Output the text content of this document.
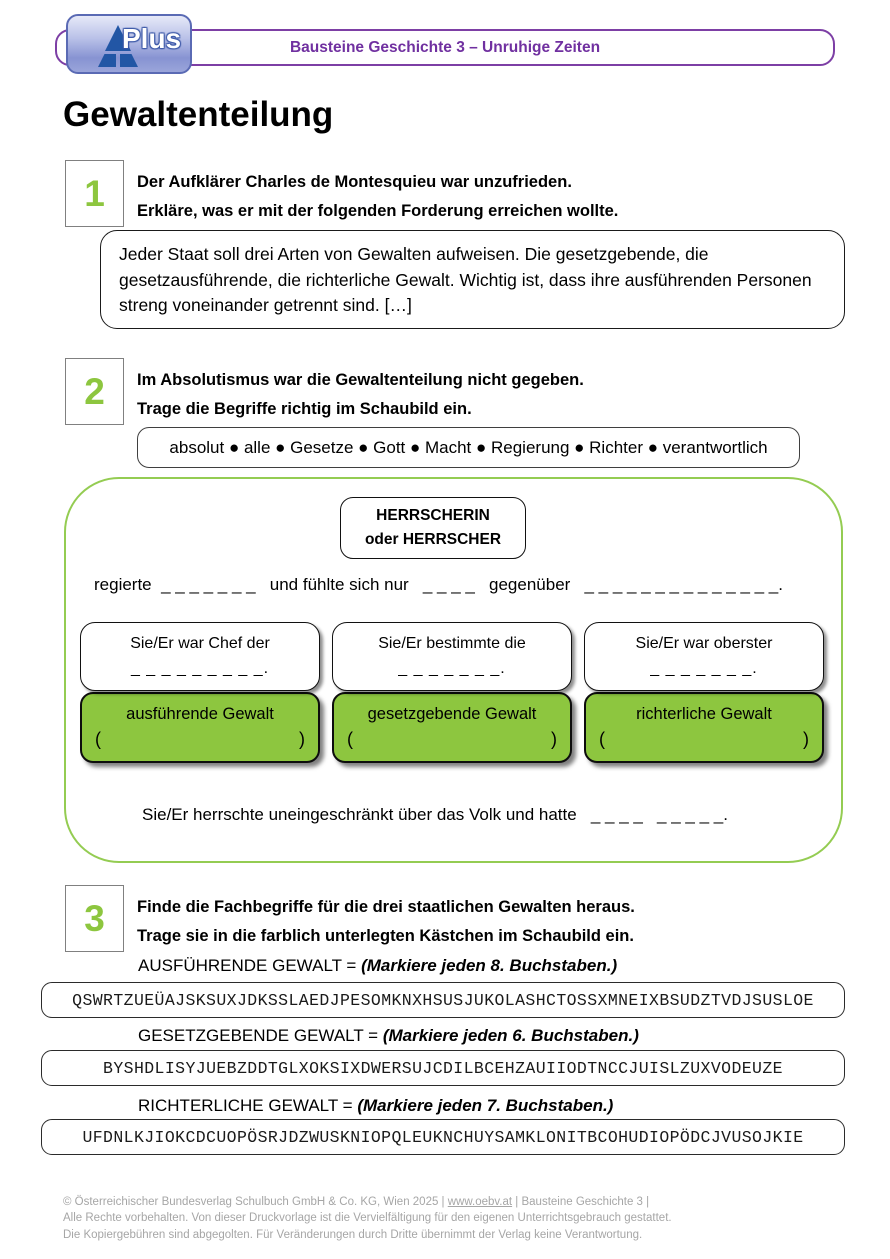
Bausteine Geschichte 3 – Unruhige Zeiten
Plus
Gewaltenteilung
1 Der Aufklärer Charles de Montesquieu war unzufrieden.
Erkläre, was er mit der folgenden Forderung erreichen wollte.
Jeder Staat soll drei Arten von Gewalten aufweisen. Die gesetzgebende, die gesetzausführende, die richterliche Gewalt. Wichtig ist, dass ihre ausführenden Personen streng voneinander getrennt sind. […]
2 Im Absolutismus war die Gewaltenteilung nicht gegeben.
Trage die Begriffe richtig im Schaubild ein.
absolut ● alle ● Gesetze ● Gott ● Macht ● Regierung ● Richter ● verantwortlich
HERRSCHERIN
oder HERRSCHER
regierte  _ _ _ _ _ _ _   und fühlte sich nur   _ _ _ _   gegenüber   _ _ _ _ _ _ _ _ _ _ _ _ _ _.
Sie/Er war Chef der
_ _ _ _ _ _ _ _ _.
ausführende Gewalt
(	)
Sie/Er bestimmte die
_ _ _ _ _ _ _.
gesetzgebende Gewalt
(	)
Sie/Er war oberster
_ _ _ _ _ _ _.
richterliche Gewalt
(	)
Sie/Er herrschte uneingeschränkt über das Volk und hatte   _ _ _ _   _ _ _ _ _.
3 Finde die Fachbegriffe für die drei staatlichen Gewalten heraus.
Trage sie in die farblich unterlegten Kästchen im Schaubild ein.
AUSFÜHRENDE GEWALT = (Markiere jeden 8. Buchstaben.)
QSWRTZUEÜAJSKSUXJDKSSLAEDJPESOMKNXHSUSJUKOLASHCTOSSXMNEIXBSUDZTVDJSUSLOE
GESETZGEBENDE GEWALT = (Markiere jeden 6. Buchstaben.)
BYSHDLISYJUEBZDDTGLXOKSIXDWERSUJCDILBCEHZAUIIODTNCCJUISLZUXVODEUZE
RICHTERLICHE GEWALT = (Markiere jeden 7. Buchstaben.)
UFDNLKJIOKCDCUOPÖSRJDZWUSKNIOPQLEUKNCHUYSAMKLONITBCOHUDIOPÖDCJVUSOJKIE
© Österreichischer Bundesverlag Schulbuch GmbH & Co. KG, Wien 2025 | www.oebv.at | Bausteine Geschichte 3 |
Alle Rechte vorbehalten. Von dieser Druckvorlage ist die Vervielfältigung für den eigenen Unterrichtsgebrauch gestattet.
Die Kopiergebühren sind abgegolten. Für Veränderungen durch Dritte übernimmt der Verlag keine Verantwortung.
